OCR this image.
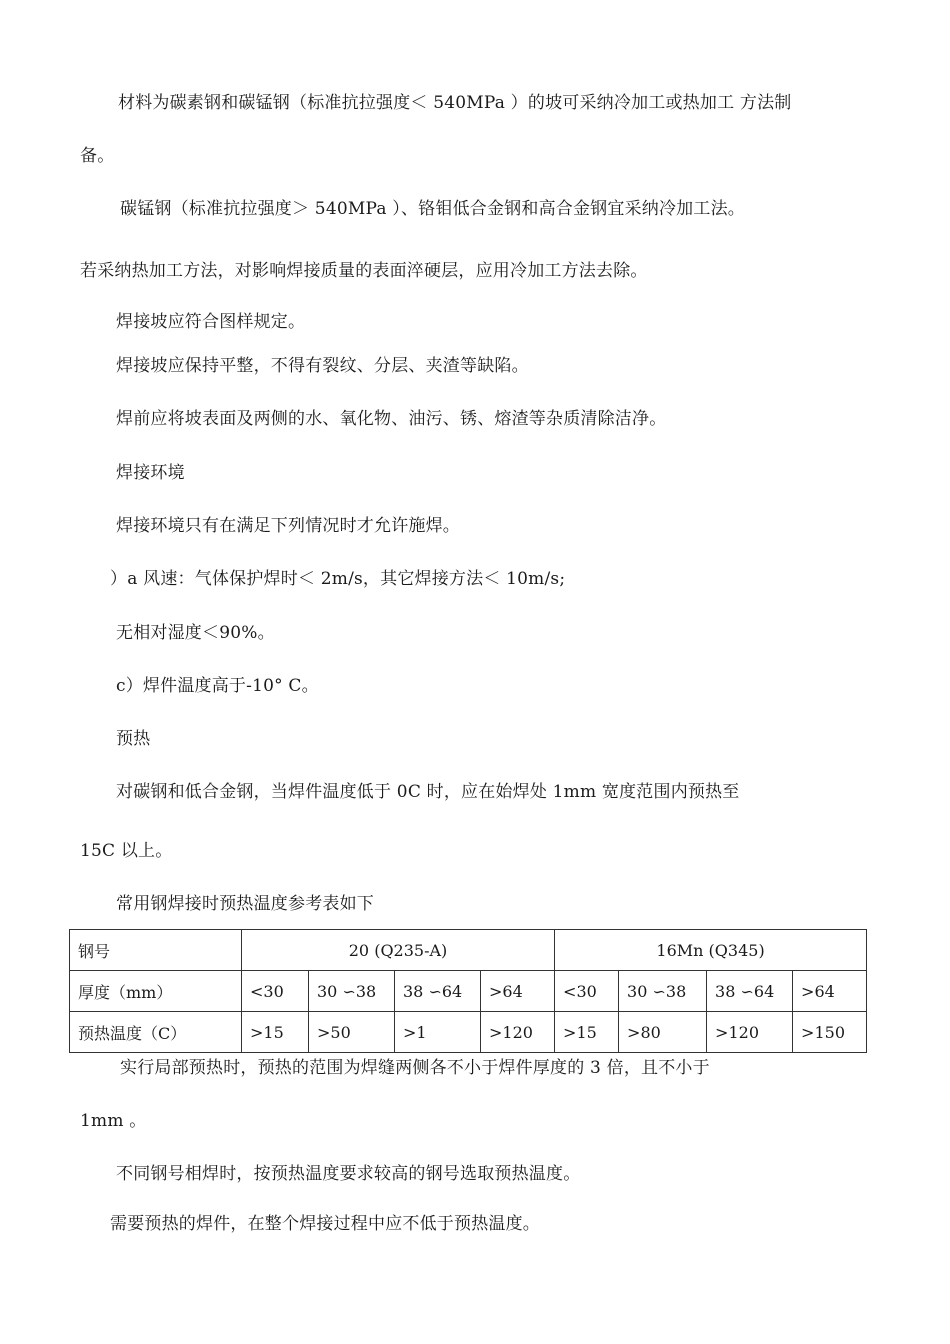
材料为碳素钢和碳锰钢（标准抗拉强度＜ 540MPa ）的坡可采纳冷加工或热加工 方法制
备。
碳锰钢（标准抗拉强度＞ 540MPa ）、铬钼低合金钢和高合金钢宜采纳冷加工法。
若采纳热加工方法，对影响焊接质量的表面淬硬层，应用冷加工方法去除。
焊接坡应符合图样规定。
焊接坡应保持平整，不得有裂纹、分层、夹渣等缺陷。
焊前应将坡表面及两侧的水、氧化物、油污、锈、熔渣等杂质清除洁净。
焊接环境
焊接环境只有在满足下列情况时才允许施焊。
）a 风速：气体保护焊时＜ 2m/s，其它焊接方法＜ 10m/s;
无相对湿度＜90%。
c）焊件温度高于-10° C。
预热
对碳钢和低合金钢，当焊件温度低于 0C 时，应在始焊处 1mm 宽度范围内预热至
15C 以上。
常用钢焊接时预热温度参考表如下
钢号	20 (Q235-A)				16Mn (Q345)			
厚度（mm）	<30	30 ∽38	38 ∽64	>64	<30	30 ∽38	38 ∽64	>64
预热温度（C）	>15	>50	>1	>120	>15	>80	>120	>150
实行局部预热时，预热的范围为焊缝两侧各不小于焊件厚度的 3 倍，且不小于
1mm 。
不同钢号相焊时，按预热温度要求较高的钢号选取预热温度。
需要预热的焊件，在整个焊接过程中应不低于预热温度。
